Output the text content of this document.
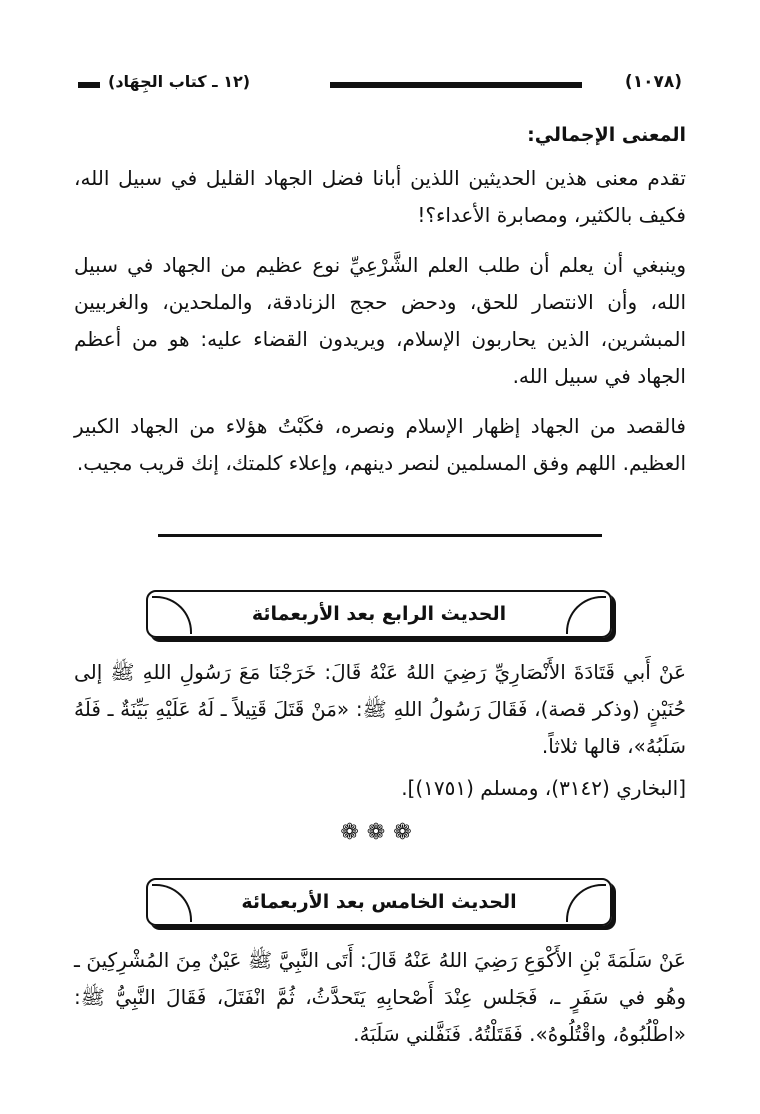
(١٠٧٨)
(١٢ ـ كتاب الجِهَاد)
المعنى الإجمالي:

تقدم معنى هذين الحديثين اللذين أبانا فضل الجهاد القليل في سبيل الله، فكيف بالكثير، ومصابرة الأعداء؟!

وينبغي أن يعلم أن طلب العلم الشَّرْعِيِّ نوع عظيم من الجهاد في سبيل الله، وأن الانتصار للحق، ودحض حجج الزنادقة، والملحدين، والغربيين المبشرين، الذين يحاربون الإسلام، ويريدون القضاء عليه: هو من أعظم الجهاد في سبيل الله.

فالقصد من الجهاد إظهار الإسلام ونصره، فكَبْتُ هؤلاء من الجهاد الكبير العظيم. اللهم وفق المسلمين لنصر دينهم، وإعلاء كلمتك، إنك قريب مجيب.

الحديث الرابع بعد الأربعمائة

عَنْ أَبي قَتَادَةَ الأَنْصَارِيِّ رَضِيَ اللهُ عَنْهُ قَالَ: خَرَجْنَا مَعَ رَسُولِ اللهِ ﷺ إلى حُنَيْنٍ (وذكر قصة)، فَقَالَ رَسُولُ اللهِ ﷺ: «مَنْ قَتَلَ قَتِيلاً ـ لَهُ عَلَيْهِ بَيِّنَةٌ ـ فَلَهُ سَلَبُهُ»، قالها ثلاثاً.

[البخاري (٣١٤٢)، ومسلم (١٧٥١)].
❁❁❁
الحديث الخامس بعد الأربعمائة

عَنْ سَلَمَةَ بْنِ الأَكْوَعِ رَضِيَ اللهُ عَنْهُ قَالَ: أَتَى النَّبِيَّ ﷺ عَيْنٌ مِنَ المُشْرِكِينَ ـ وهُو في سَفَرٍ ـ، فَجَلس عِنْدَ أَصْحابِهِ يَتَحدَّثُ، ثُمَّ انْفَتَلَ، فَقَالَ النَّبِيُّ ﷺ: «اطْلُبُوهُ، واقْتُلُوهُ». فَقَتَلْتُهُ. فَنَفَّلني سَلَبَهُ.
